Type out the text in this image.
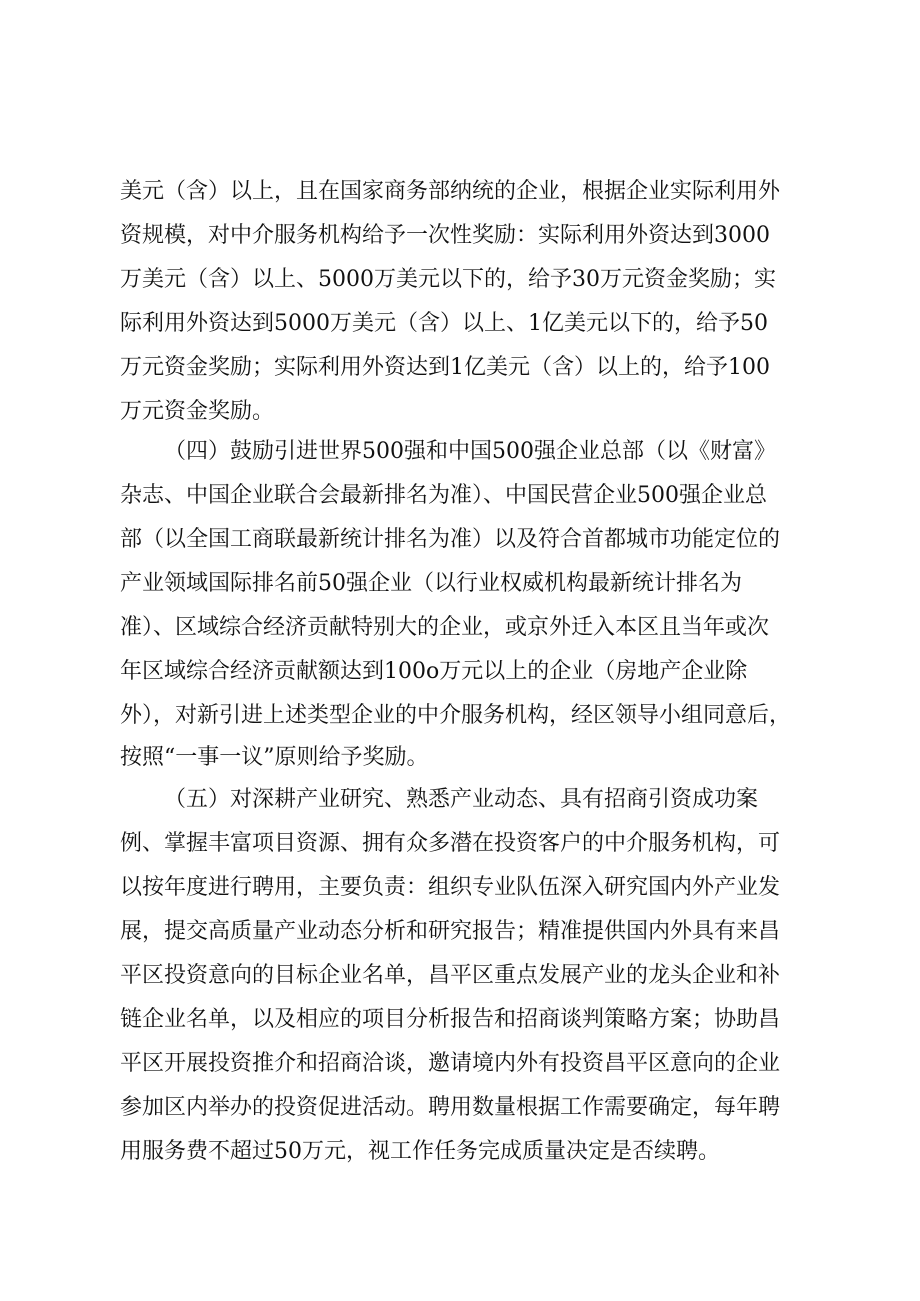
美元（含）以上，且在国家商务部纳统的企业，根据企业实际利用外
资规模，对中介服务机构给予一次性奖励：实际利用外资达到3000
万美元（含）以上、5000万美元以下的，给予30万元资金奖励；实
际利用外资达到5000万美元（含）以上、1亿美元以下的，给予50
万元资金奖励；实际利用外资达到1亿美元（含）以上的，给予100
万元资金奖励。
（四）鼓励引进世界500强和中国500强企业总部（以《财富》
杂志、中国企业联合会最新排名为准）、中国民营企业500强企业总
部（以全国工商联最新统计排名为准）以及符合首都城市功能定位的
产业领域国际排名前50强企业（以行业权威机构最新统计排名为
准）、区域综合经济贡献特别大的企业，或京外迁入本区且当年或次
年区域综合经济贡献额达到100o万元以上的企业（房地产企业除
外），对新引进上述类型企业的中介服务机构，经区领导小组同意后，
按照“一事一议”原则给予奖励。
（五）对深耕产业研究、熟悉产业动态、具有招商引资成功案
例、掌握丰富项目资源、拥有众多潜在投资客户的中介服务机构，可
以按年度进行聘用，主要负责：组织专业队伍深入研究国内外产业发
展，提交高质量产业动态分析和研究报告；精准提供国内外具有来昌
平区投资意向的目标企业名单，昌平区重点发展产业的龙头企业和补
链企业名单，以及相应的项目分析报告和招商谈判策略方案；协助昌
平区开展投资推介和招商洽谈，邀请境内外有投资昌平区意向的企业
参加区内举办的投资促进活动。聘用数量根据工作需要确定，每年聘
用服务费不超过50万元，视工作任务完成质量决定是否续聘。
